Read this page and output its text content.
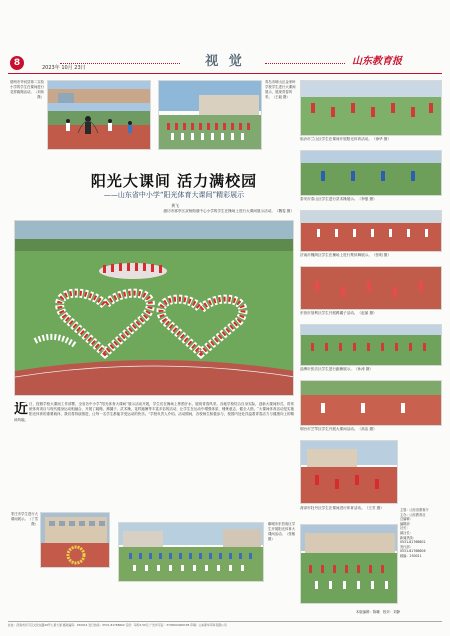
8	2023年 10月 23日	视 觉	山东教育报
德州市齐河县第二实验小学的学生在课间进行花样跳绳活动。（刘伟 摄）
青岛市崂山区金家岭学校学生进行大课间展示，展现青春风采。（王毅 摄）
阳光大课间 活力满校园
——山东省中小学“阳光体育大课间”精彩展示
黄飞
潍坊市寒亭区双杨街道中心小学的学生在操场上进行大课间展示活动。（魏雯 摄）
近日，按照学校大课间工作部署，全省各中小学“阳光体育大课间”展示活动开展，学生们在操场上挥洒汗水，展现青春风采。各地学校结合自身实际，创新大课间形式，将传统体育项目与现代健身运动相融合，开展了跳绳、踢毽子、武术操、花样跑操等丰富多彩的活动，让学生在运动中增强体质、锤炼意志、健全人格。“大课间体育活动是实施阳光体育的重要载体，我们将持续推进，让每一名学生都能享受运动的快乐。”学校负责人介绍。活动期间，各校师生积极参与，校园内处处洋溢着青春活力与健康向上的精神风貌。
枣庄市学生进行大课间展示。（丁雪 摄）	聊城市东昌府区学生开展阳光体育大课间活动。（张敏 摄）
临沂市兰山区学生在课间开展阳光体育活动。（徐华 摄）
泰安市泰山区学生进行武术操展示。（李强 摄）
济南市槐荫区学生在操场上进行集体舞展示。（张明 摄）
东营市垦利区学生开展踢毽子活动。（赵丽 摄）
淄博市张店区学生进行跑操展示。（孙涛 摄）
烟台市芝罘区学生开展大课间活动。（高洁 摄）
菏泽市牡丹区学生在课间进行体育活动。（王芳 摄）	主管：山东省教育厅
主办：山东教育社
总编辑：
编辑部
社长：
副社长：
新闻热线：
0531-81768602
发行部：
0531-81768606
邮编：250011
本版编辑：陈曦　校对：刘静
社址：济南市历下区文化东路29号七星大厦 邮政编码：250014 发行热线：0531-81768602 定价：每份1.50元 广告许可证：3700004000185 印刷：山东新华印务有限公司
